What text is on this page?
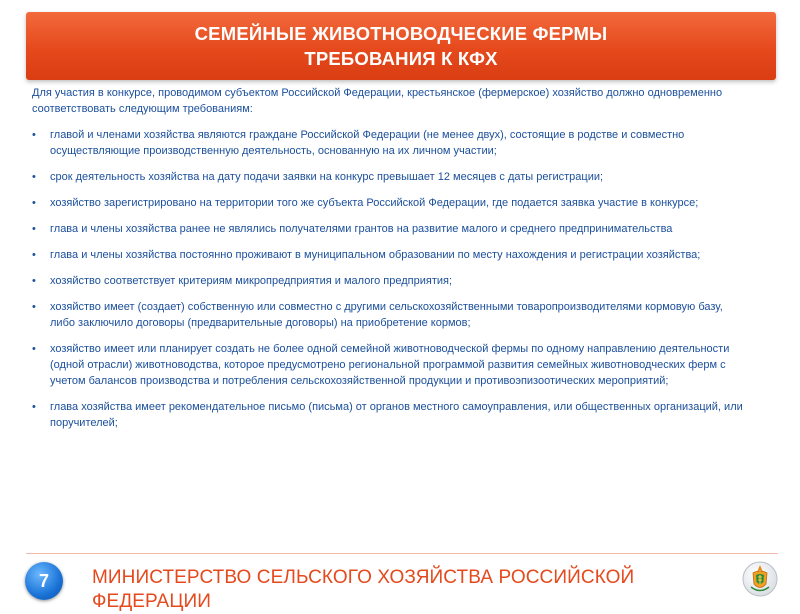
СЕМЕЙНЫЕ ЖИВОТНОВОДЧЕСКИЕ ФЕРМЫ
ТРЕБОВАНИЯ К КФХ

Для участия в конкурсе, проводимом субъектом Российской Федерации, крестьянское (фермерское) хозяйство должно одновременно соответствовать следующим требованиям:

•	главой и членами хозяйства являются граждане Российской Федерации (не менее двух), состоящие в родстве и совместно осуществляющие производственную деятельность, основанную на их личном участии;
•	срок деятельность хозяйства на дату подачи заявки на конкурс превышает 12 месяцев с даты регистрации;
•	хозяйство зарегистрировано на территории того же субъекта Российской Федерации, где подается заявка участие в конкурсе;
•	глава и члены хозяйства ранее не являлись получателями грантов на развитие малого и среднего предпринимательства
•	глава и члены хозяйства постоянно проживают в муниципальном образовании по месту нахождения и регистрации хозяйства;
•	хозяйство соответствует критериям микропредприятия и малого предприятия;
•	хозяйство имеет (создает) собственную или совместно с другими сельскохозяйственными товаропроизводителями кормовую базу, либо заключило договоры (предварительные договоры) на приобретение кормов;
•	хозяйство имеет или планирует создать не более одной семейной животноводческой фермы по одному направлению деятельности (одной отрасли) животноводства, которое предусмотрено региональной программой развития семейных животноводческих ферм с учетом балансов производства и потребления сельскохозяйственной продукции и противоэпизоотических мероприятий;
•	глава хозяйства имеет рекомендательное письмо (письма) от органов местного самоуправления, или общественных организаций, или поручителей;
7 МИНИСТЕРСТВО СЕЛЬСКОГО ХОЗЯЙСТВА РОССИЙСКОЙ ФЕДЕРАЦИИ
